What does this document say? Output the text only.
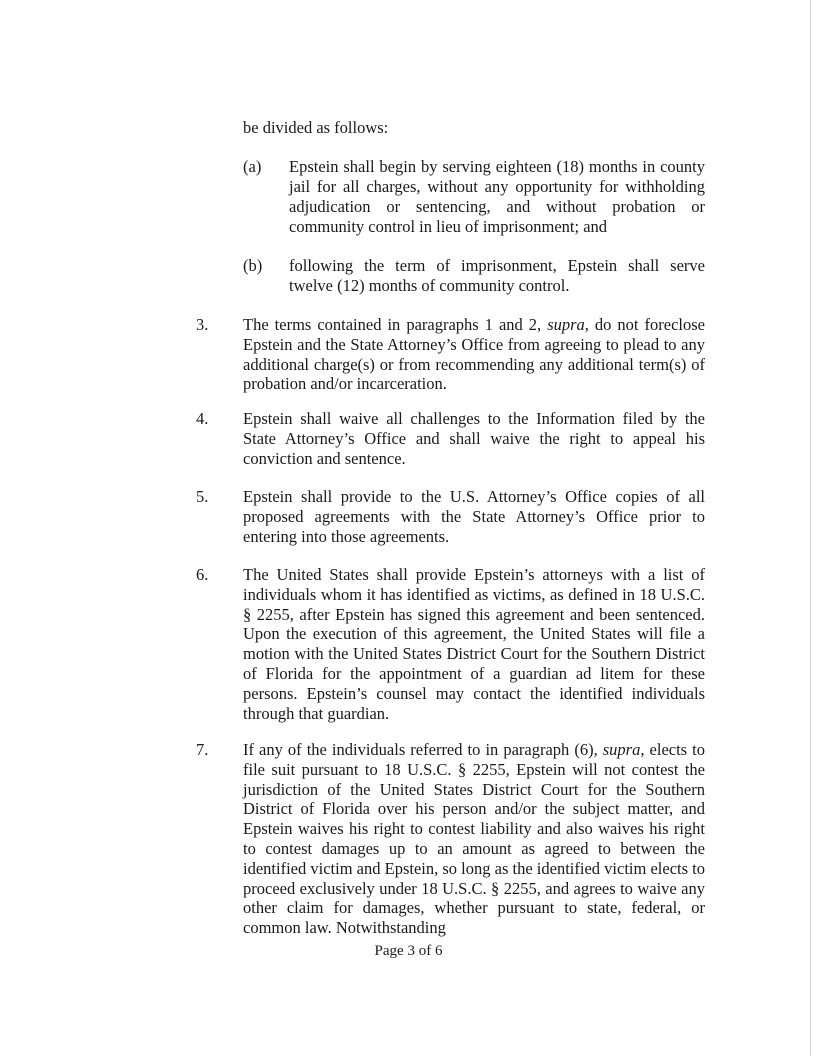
be divided as follows:
(a) Epstein shall begin by serving eighteen (18) months in county jail for all charges, without any opportunity for withholding adjudication or sentencing, and without probation or community control in lieu of imprisonment; and
(b) following the term of imprisonment, Epstein shall serve twelve (12) months of community control.
3. The terms contained in paragraphs 1 and 2, supra, do not foreclose Epstein and the State Attorney’s Office from agreeing to plead to any additional charge(s) or from recommending any additional term(s) of probation and/or incarceration.
4. Epstein shall waive all challenges to the Information filed by the State Attorney’s Office and shall waive the right to appeal his conviction and sentence.
5. Epstein shall provide to the U.S. Attorney’s Office copies of all proposed agreements with the State Attorney’s Office prior to entering into those agreements.
6. The United States shall provide Epstein’s attorneys with a list of individuals whom it has identified as victims, as defined in 18 U.S.C. § 2255, after Epstein has signed this agreement and been sentenced. Upon the execution of this agreement, the United States will file a motion with the United States District Court for the Southern District of Florida for the appointment of a guardian ad litem for these persons. Epstein’s counsel may contact the identified individuals through that guardian.
7. If any of the individuals referred to in paragraph (6), supra, elects to file suit pursuant to 18 U.S.C. § 2255, Epstein will not contest the jurisdiction of the United States District Court for the Southern District of Florida over his person and/or the subject matter, and Epstein waives his right to contest liability and also waives his right to contest damages up to an amount as agreed to between the identified victim and Epstein, so long as the identified victim elects to proceed exclusively under 18 U.S.C. § 2255, and agrees to waive any other claim for damages, whether pursuant to state, federal, or common law. Notwithstanding
Page 3 of 6
